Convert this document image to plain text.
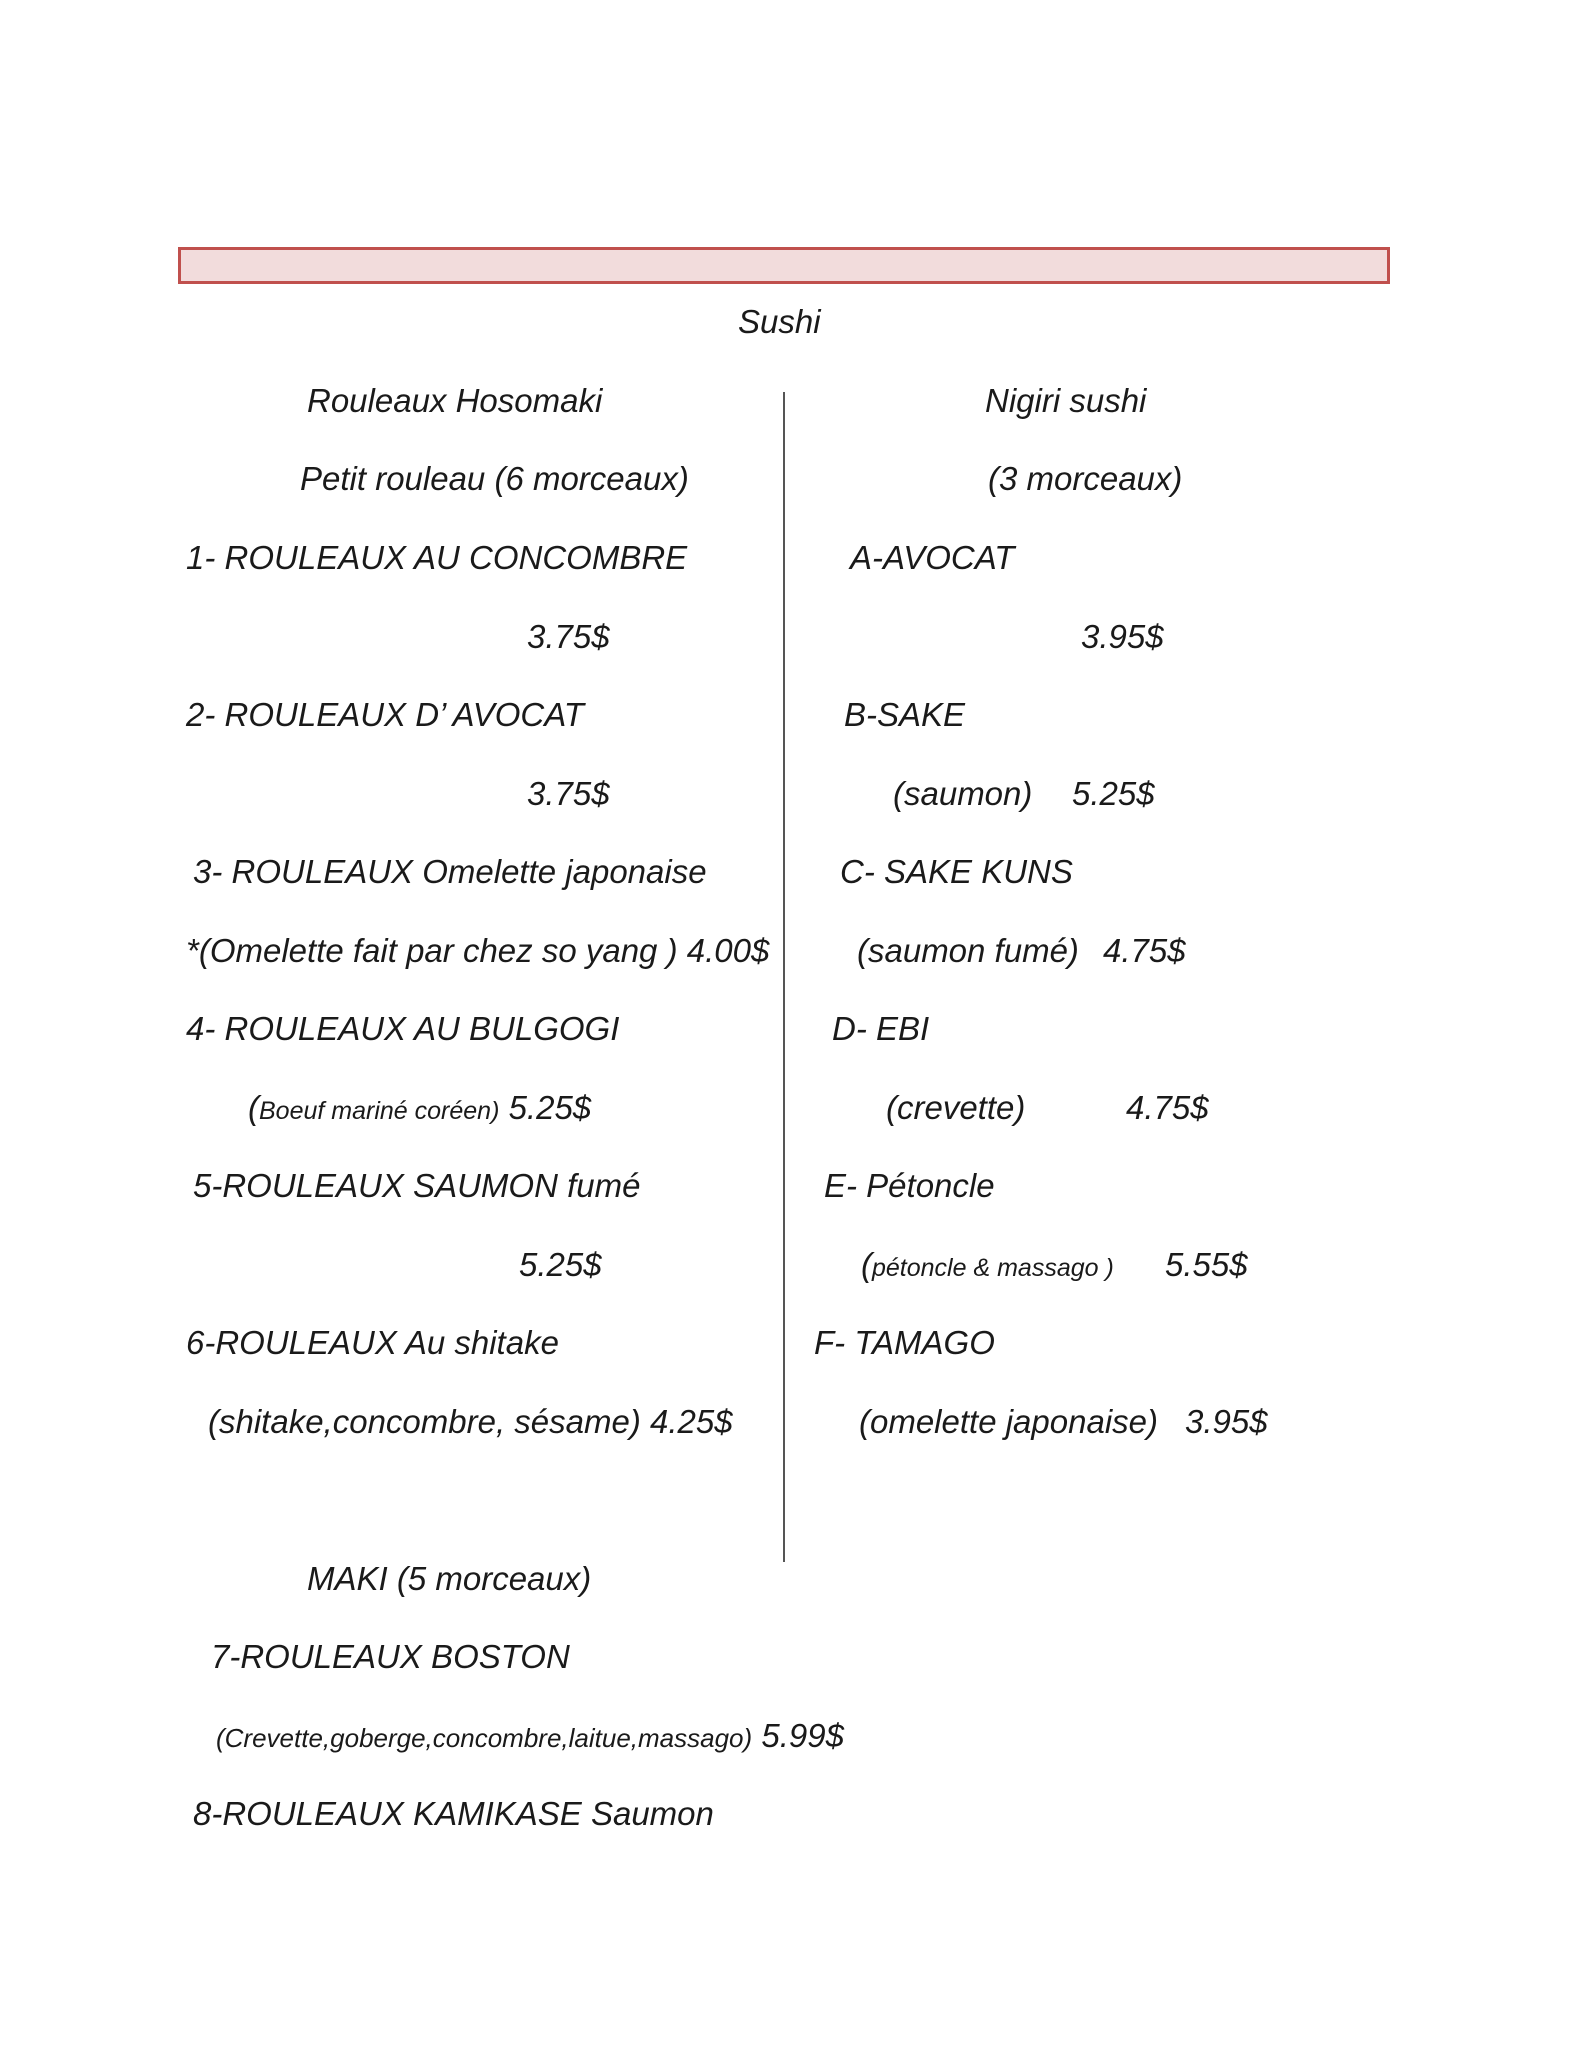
Sushi
Rouleaux Hosomaki
Petit rouleau (6 morceaux)
1- ROULEAUX AU CONCOMBRE
3.75$
2- ROULEAUX D’ AVOCAT
3.75$
3- ROULEAUX Omelette japonaise
*(Omelette fait par chez so yang ) 4.00$
4- ROULEAUX AU BULGOGI
(Boeuf mariné coréen) 5.25$
5-ROULEAUX SAUMON fumé
5.25$
6-ROULEAUX Au shitake
(shitake,concombre, sésame) 4.25$
Nigiri sushi
(3 morceaux)
A-AVOCAT
3.95$
B-SAKE
(saumon) 5.25$
C- SAKE KUNS
(saumon fumé) 4.75$
D- EBI
(crevette)	4.75$
E- Pétoncle
(pétoncle & massago ) 5.55$
F- TAMAGO
(omelette japonaise) 3.95$
MAKI (5 morceaux)
7-ROULEAUX BOSTON
(Crevette,goberge,concombre,laitue,massago) 5.99$
8-ROULEAUX KAMIKASE Saumon
